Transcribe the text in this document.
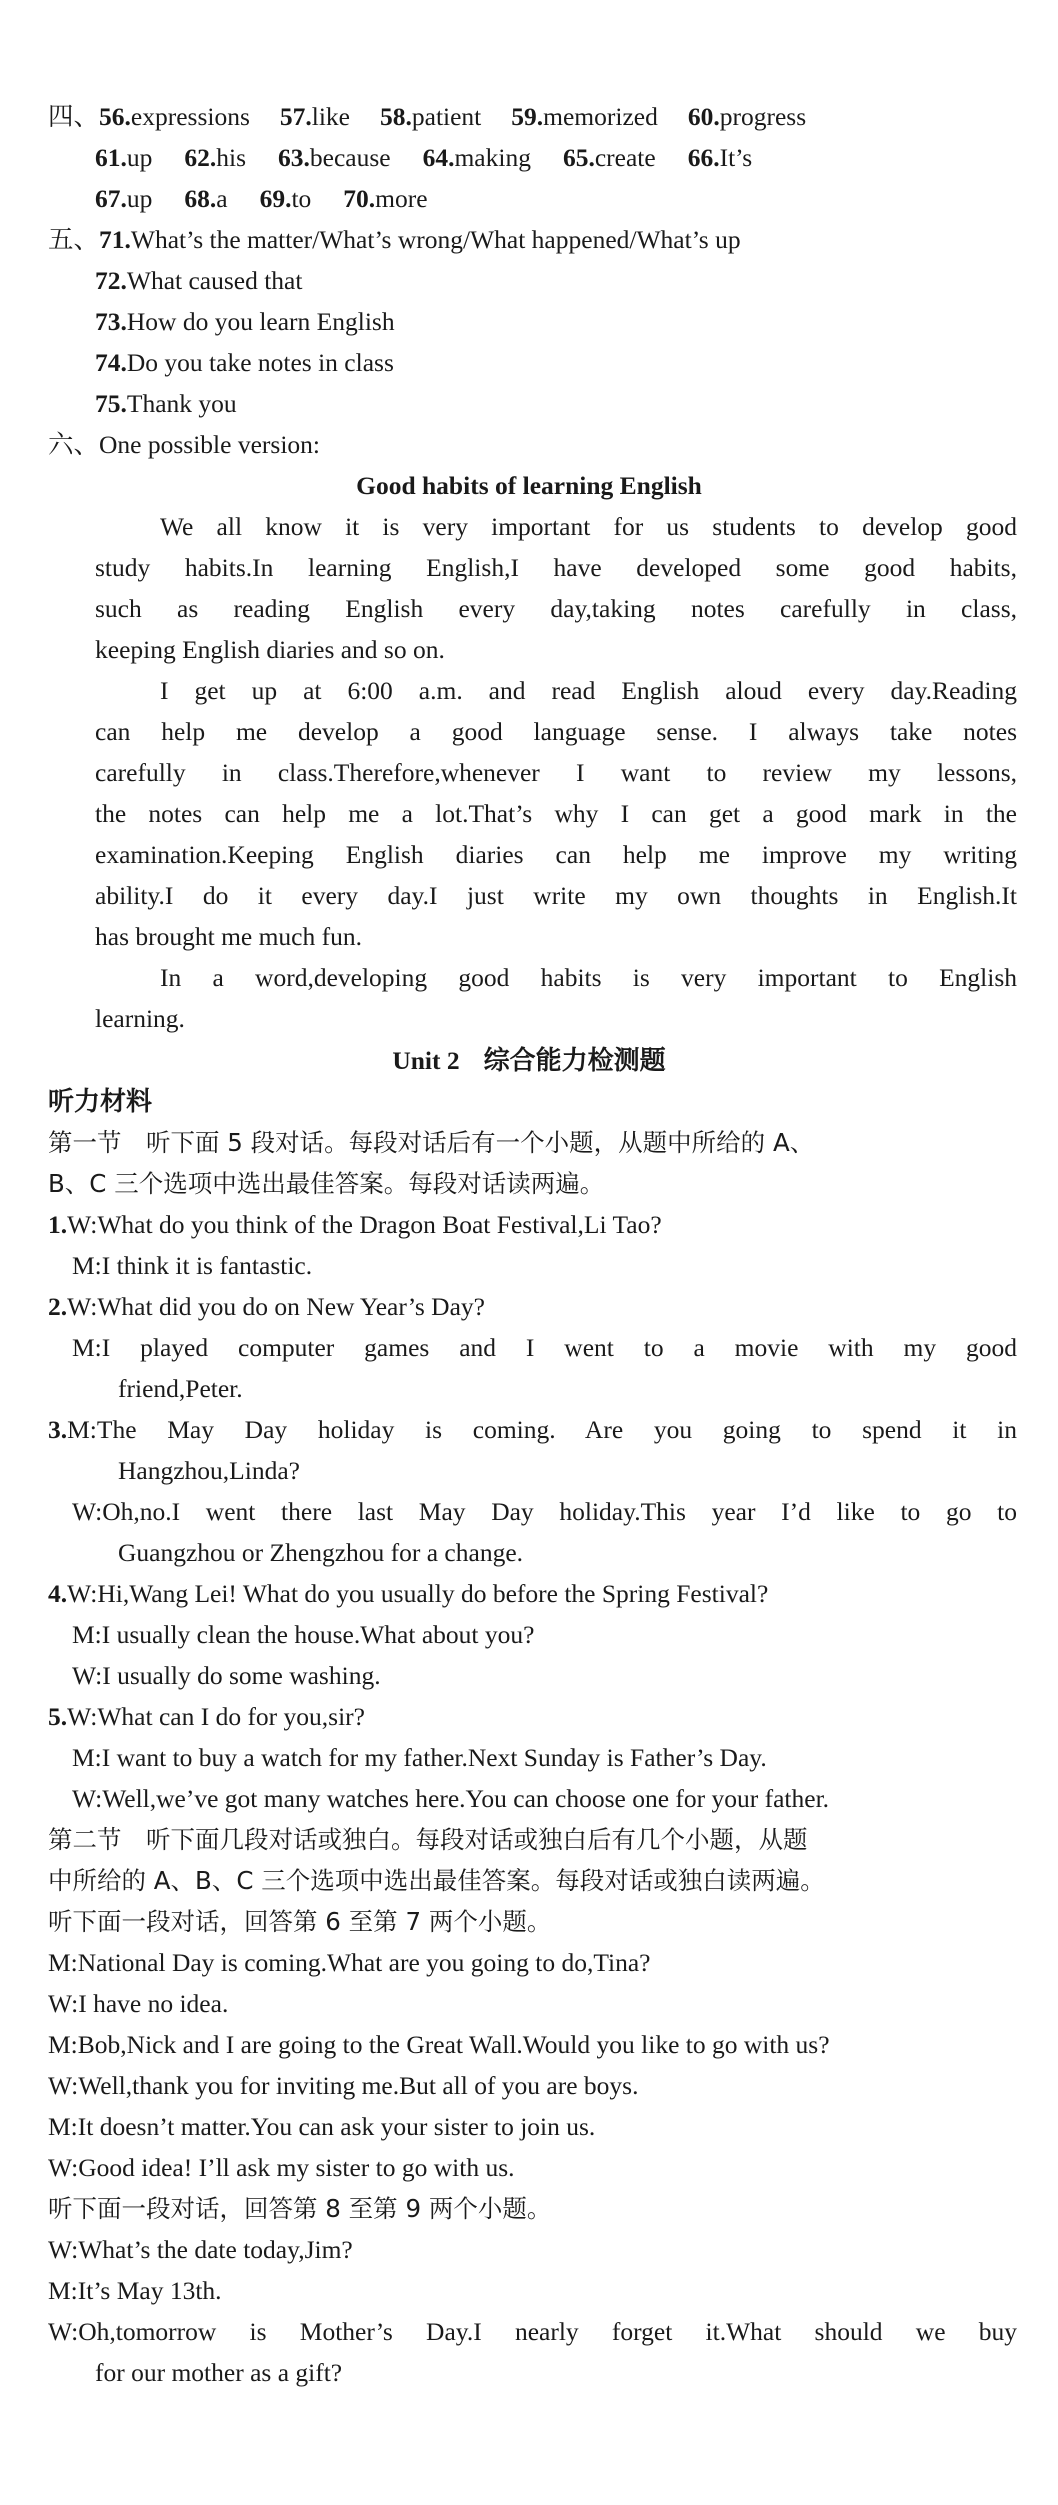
四、56.expressions 57.like 58.patient 59.memorized 60.progress
61.up 62.his 63.because 64.making 65.create 66.It’s
67.up 68.a 69.to 70.more
五、71.What’s the matter/What’s wrong/What happened/What’s up
72.What caused that
73.How do you learn English
74.Do you take notes in class
75.Thank you
六、One possible version:
Good habits of learning English
We all know it is very important for us students to develop good
study habits.In learning English,I have developed some good habits,
such as reading English every day,taking notes carefully in class,
keeping English diaries and so on.
I get up at 6:00 a.m. and read English aloud every day.Reading
can help me develop a good language sense. I always take notes
carefully in class.Therefore,whenever I want to review my lessons,
the notes can help me a lot.That’s why I can get a good mark in the
examination.Keeping English diaries can help me improve my writing
ability.I do it every day.I just write my own thoughts in English.It
has brought me much fun.
In a word,developing good habits is very important to English
learning.
Unit 2 综合能力检测题
听力材料
第一节　听下面 5 段对话。每段对话后有一个小题，从题中所给的 A、
B、C 三个选项中选出最佳答案。每段对话读两遍。
1.W:What do you think of the Dragon Boat Festival,Li Tao?
M:I think it is fantastic.
2.W:What did you do on New Year’s Day?
M:I played computer games and I went to a movie with my good
friend,Peter.
3.M:The May Day holiday is coming. Are you going to spend it in
Hangzhou,Linda?
W:Oh,no.I went there last May Day holiday.This year I’d like to go to
Guangzhou or Zhengzhou for a change.
4.W:Hi,Wang Lei! What do you usually do before the Spring Festival?
M:I usually clean the house.What about you?
W:I usually do some washing.
5.W:What can I do for you,sir?
M:I want to buy a watch for my father.Next Sunday is Father’s Day.
W:Well,we’ve got many watches here.You can choose one for your father.
第二节　听下面几段对话或独白。每段对话或独白后有几个小题，从题
中所给的 A、B、C 三个选项中选出最佳答案。每段对话或独白读两遍。
听下面一段对话，回答第 6 至第 7 两个小题。
M:National Day is coming.What are you going to do,Tina?
W:I have no idea.
M:Bob,Nick and I are going to the Great Wall.Would you like to go with us?
W:Well,thank you for inviting me.But all of you are boys.
M:It doesn’t matter.You can ask your sister to join us.
W:Good idea! I’ll ask my sister to go with us.
听下面一段对话，回答第 8 至第 9 两个小题。
W:What’s the date today,Jim?
M:It’s May 13th.
W:Oh,tomorrow is Mother’s Day.I nearly forget it.What should we buy
for our mother as a gift?
